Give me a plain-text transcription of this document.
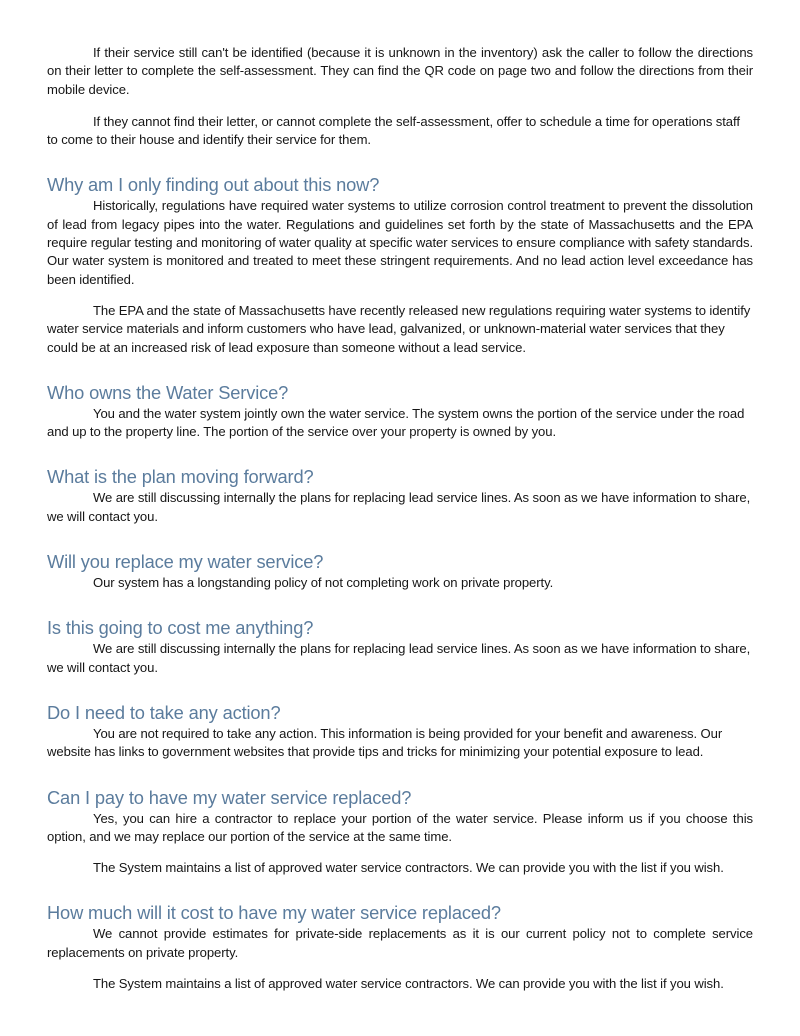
If their service still can't be identified (because it is unknown in the inventory) ask the caller to follow the directions on their letter to complete the self-assessment. They can find the QR code on page two and follow the directions from their mobile device.

If they cannot find their letter, or cannot complete the self-assessment, offer to schedule a time for operations staff to come to their house and identify their service for them.

Why am I only finding out about this now?

Historically, regulations have required water systems to utilize corrosion control treatment to prevent the dissolution of lead from legacy pipes into the water. Regulations and guidelines set forth by the state of Massachusetts and the EPA require regular testing and monitoring of water quality at specific water services to ensure compliance with safety standards. Our water system is monitored and treated to meet these stringent requirements. And no lead action level exceedance has been identified.

The EPA and the state of Massachusetts have recently released new regulations requiring water systems to identify water service materials and inform customers who have lead, galvanized, or unknown-material water services that they could be at an increased risk of lead exposure than someone without a lead service.

Who owns the Water Service?

You and the water system jointly own the water service. The system owns the portion of the service under the road and up to the property line. The portion of the service over your property is owned by you.

What is the plan moving forward?

We are still discussing internally the plans for replacing lead service lines. As soon as we have information to share, we will contact you.

Will you replace my water service?

Our system has a longstanding policy of not completing work on private property.

Is this going to cost me anything?

We are still discussing internally the plans for replacing lead service lines. As soon as we have information to share, we will contact you.

Do I need to take any action?

You are not required to take any action. This information is being provided for your benefit and awareness. Our website has links to government websites that provide tips and tricks for minimizing your potential exposure to lead.

Can I pay to have my water service replaced?

Yes, you can hire a contractor to replace your portion of the water service. Please inform us if you choose this option, and we may replace our portion of the service at the same time.

The System maintains a list of approved water service contractors. We can provide you with the list if you wish.

How much will it cost to have my water service replaced?

We cannot provide estimates for private-side replacements as it is our current policy not to complete service replacements on private property.

The System maintains a list of approved water service contractors. We can provide you with the list if you wish.
